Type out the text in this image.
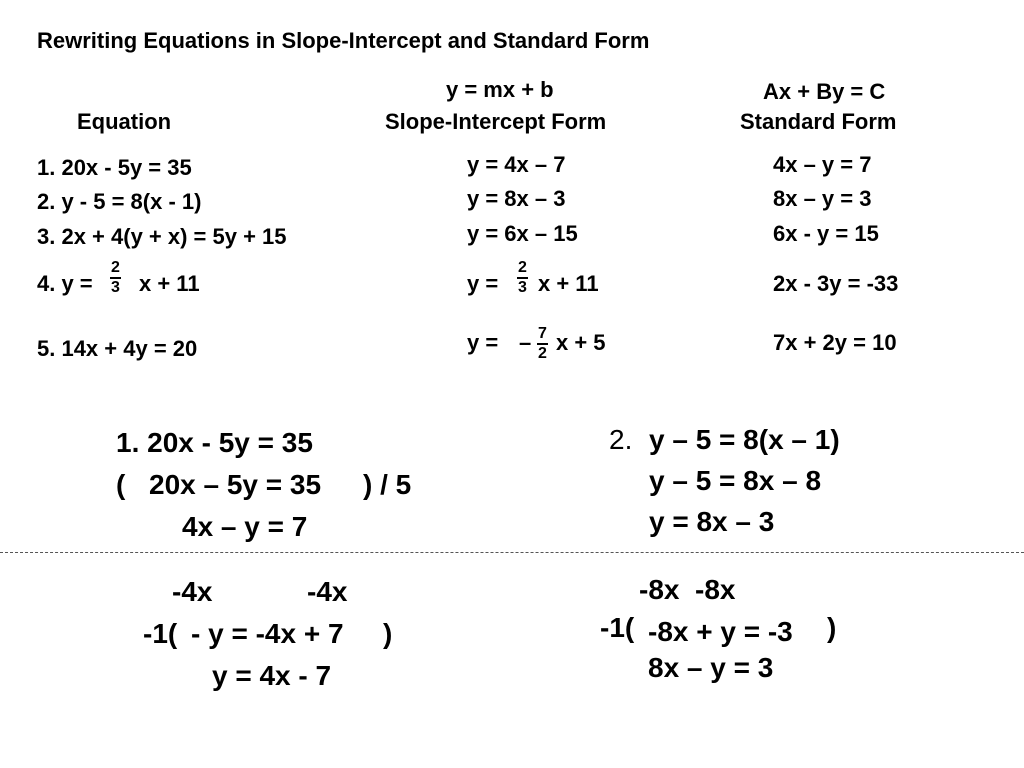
Rewriting Equations in Slope-Intercept and Standard Form
Equation
y = mx + b
Slope-Intercept Form
Ax + By = C
Standard Form
1. 20x - 5y = 35	y = 4x – 7	4x – y = 7
2. y - 5 = 8(x - 1)	y = 8x – 3	8x – y = 3
3. 2x + 4(y + x) = 5y + 15	y = 6x – 15	6x - y = 15
4. $y = \frac{2}{3}$ x + 11	$y = \frac{2}{3}$ x + 11	2x - 3y = -33
5. 14x + 4y = 20	y = – $\frac{7}{2}$ x + 5	7x + 2y = 10
1. 20x - 5y = 35
( 20x – 5y = 35 ) / 5
4x – y = 7
-4x	-4x
-1( - y = -4x + 7 )
y = 4x - 7
2. y – 5 = 8(x – 1)
y – 5 = 8x – 8
y = 8x – 3
-8x  -8x
-1( -8x + y = -3 )
8x – y = 3
